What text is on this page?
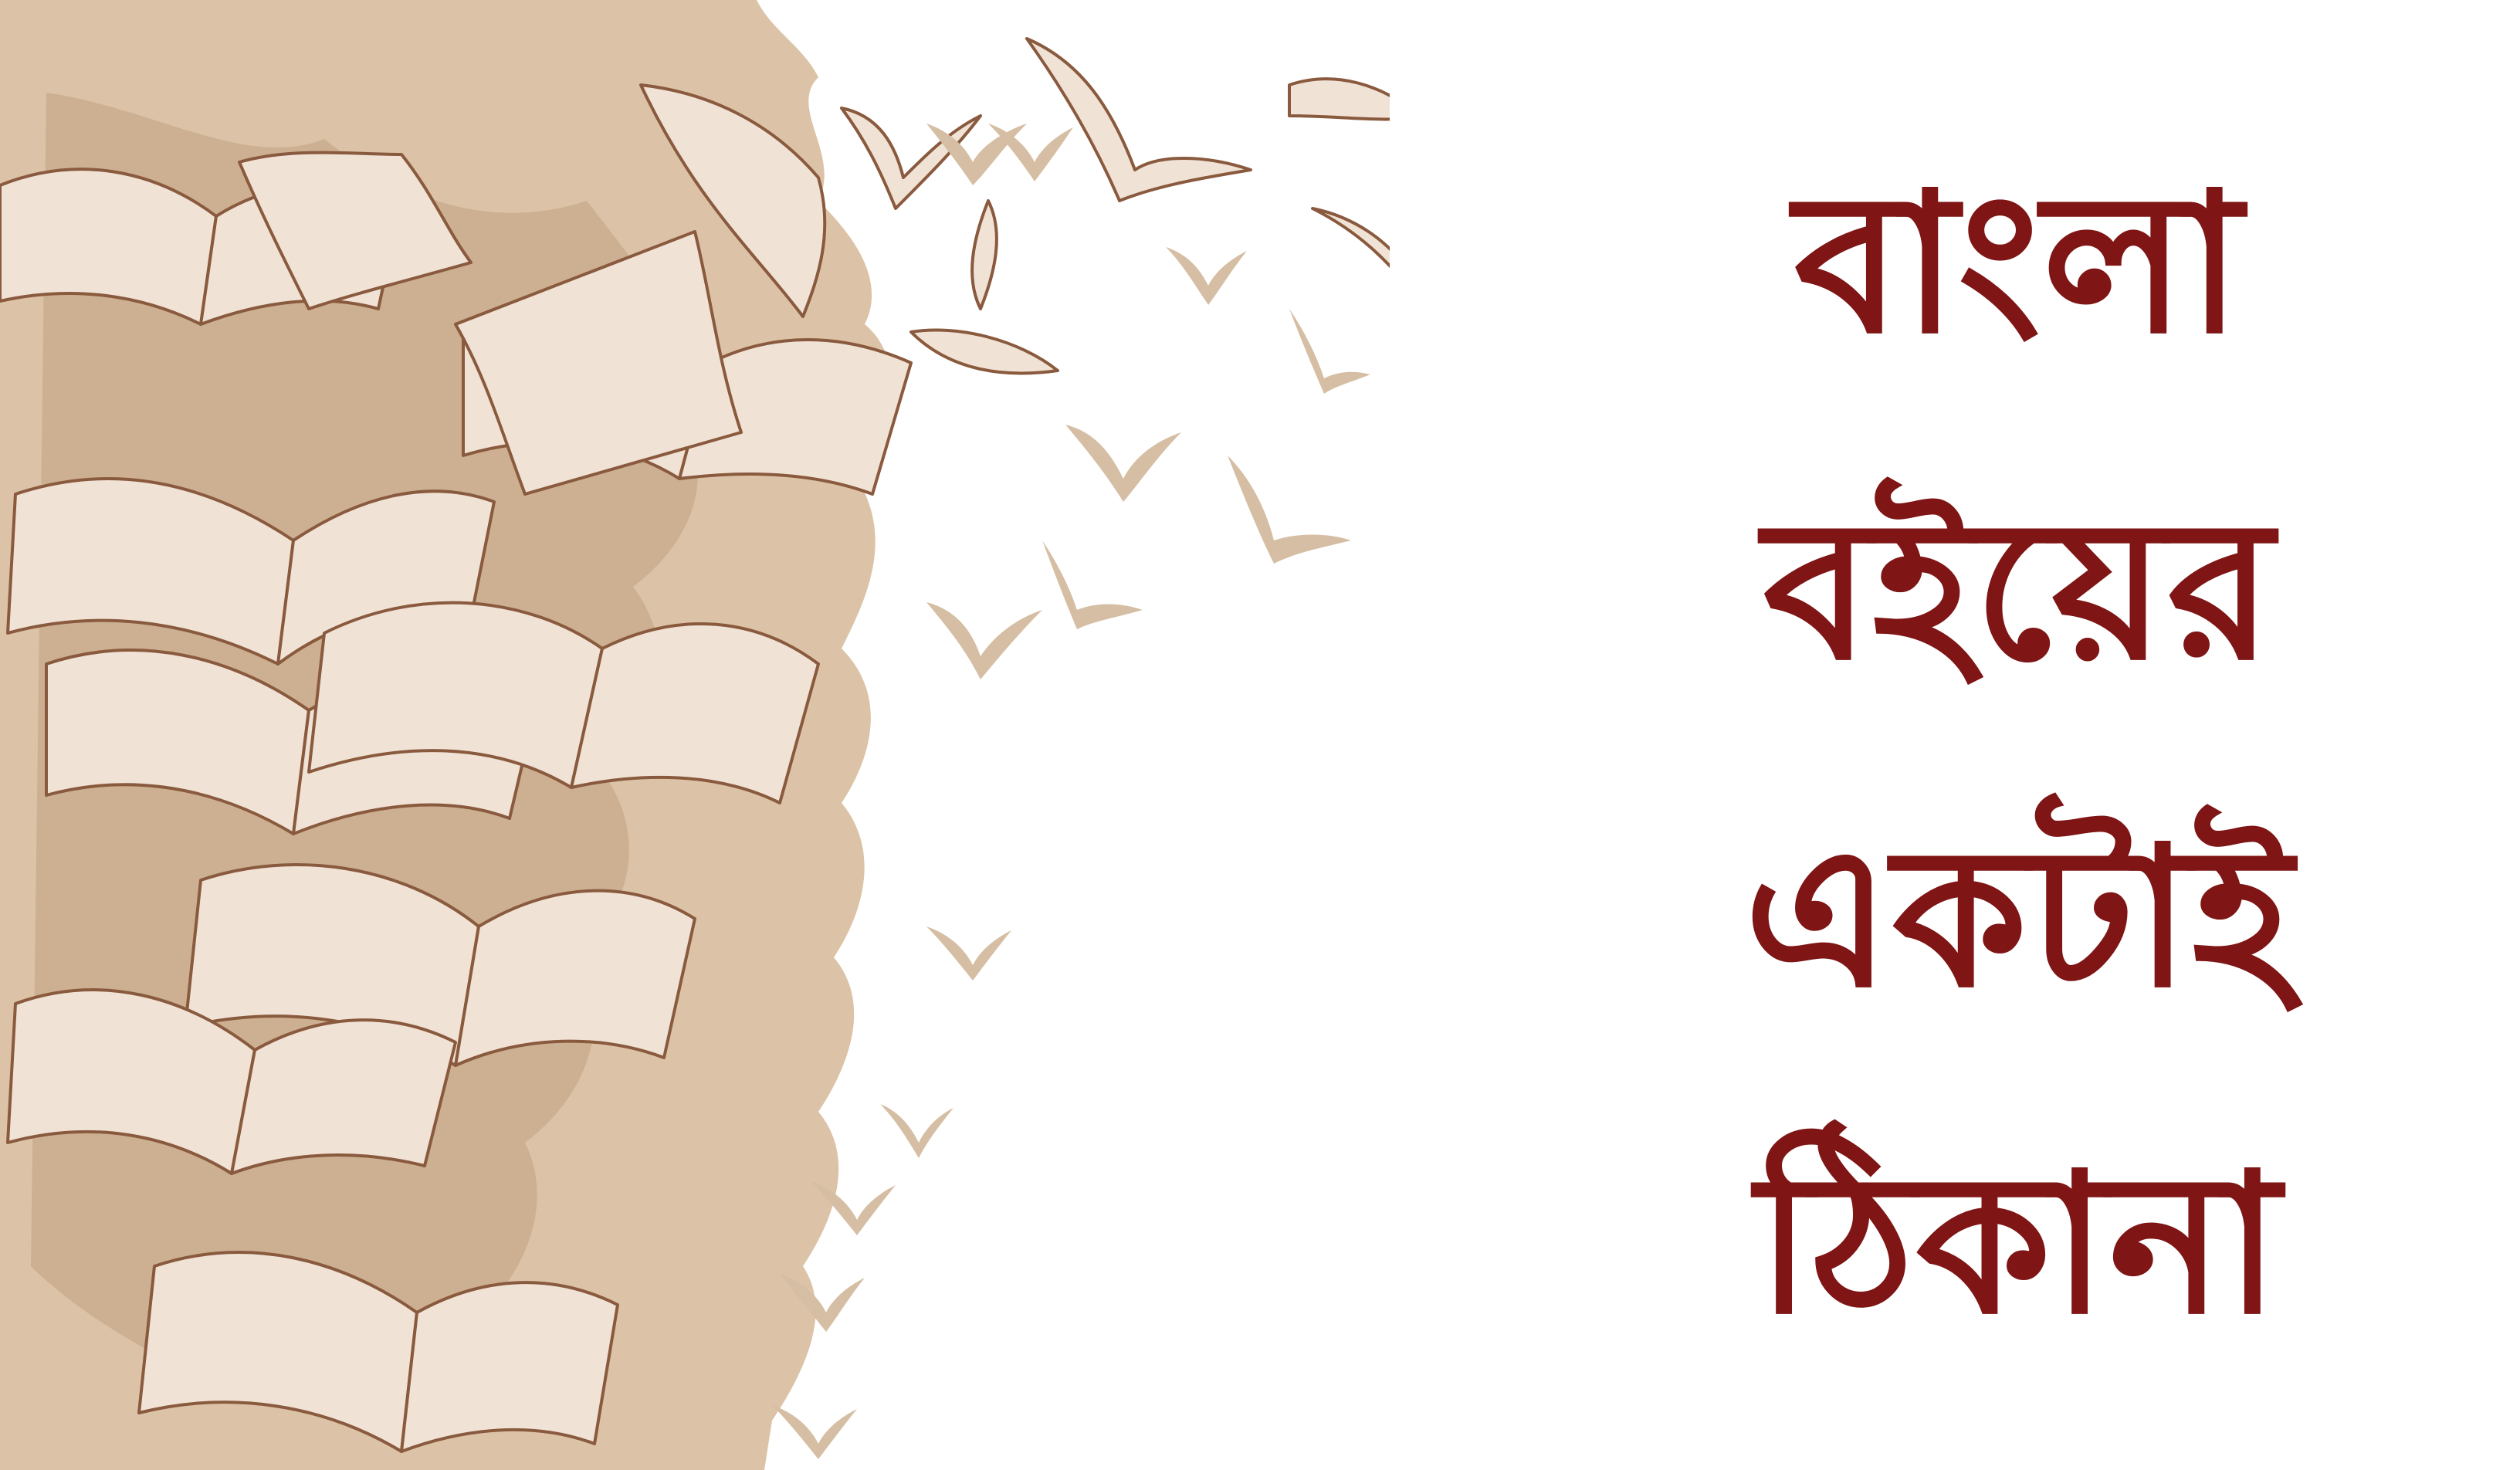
বাংলা
বইয়ের
একটাই
ঠিকানা
